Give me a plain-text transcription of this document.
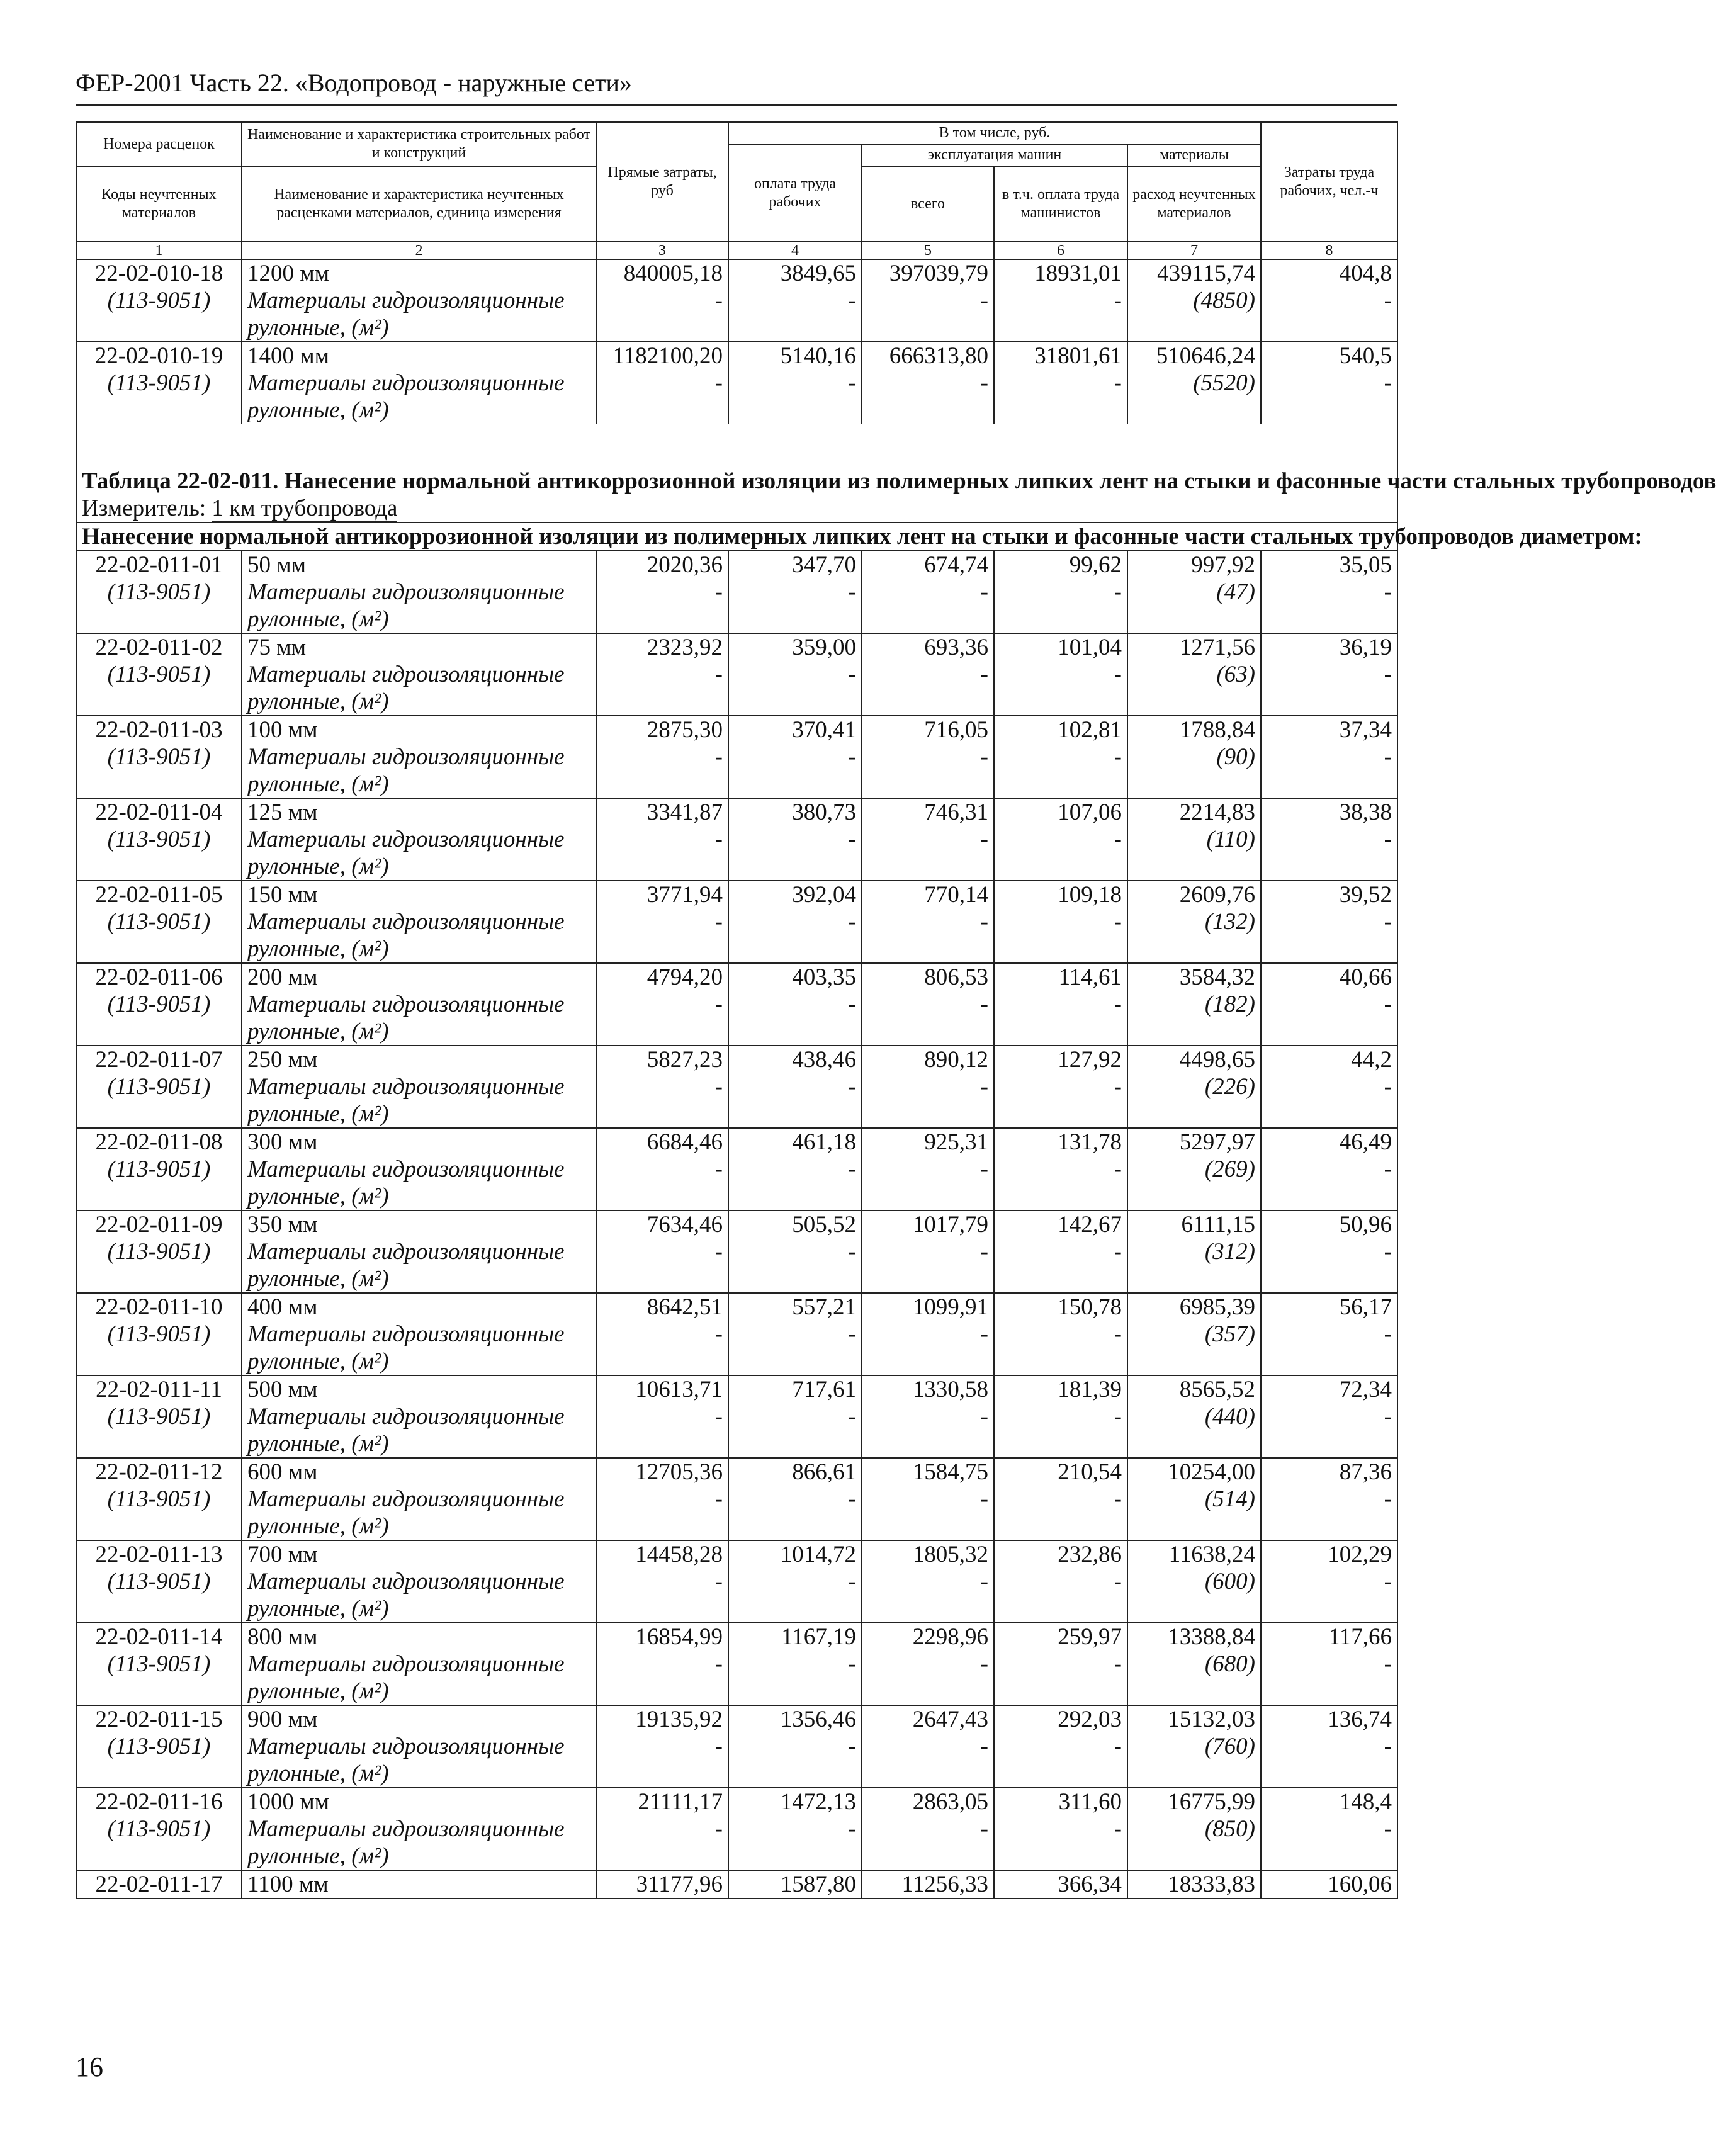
ФЕР-2001 Часть 22. «Водопровод - наружные сети»
Номера расценок	Наименование и характеристика строительных работ и конструкций	Прямые затраты, руб	В том числе, руб.				Затраты труда рабочих, чел.-ч
			оплата труда рабочих	эксплуатация машин		материалы	
Коды неучтенных материалов	Наименование и характеристика неучтенных расценками материалов, единица измерения			всего	в т.ч. оплата труда машинистов	расход неучтенных материалов	

1	2	3	4	5	6	7	8
22-02-010-18	1200 мм	840005,18	3849,65	397039,79	18931,01	439115,74	404,8
(113-9051)	Материалы гидроизоляционные	-	-	-	-	(4850)	-
	рулонные, (м²)						
22-02-010-19	1400 мм	1182100,20	5140,16	666313,80	31801,61	510646,24	540,5
(113-9051)	Материалы гидроизоляционные	-	-	-	-	(5520)	-
	рулонные, (м²)						

Таблица 22-02-011. Нанесение нормальной антикоррозионной изоляции из полимерных липких лент на стыки и фасонные части стальных трубопроводов							
Измеритель: 1 км трубопровода							
Нанесение нормальной антикоррозионной изоляции из полимерных липких лент на стыки и фасонные части стальных трубопроводов диаметром:							
22-02-011-01	50 мм	2020,36	347,70	674,74	99,62	997,92	35,05
(113-9051)	Материалы гидроизоляционные	-	-	-	-	(47)	-
	рулонные, (м²)						
22-02-011-02	75 мм	2323,92	359,00	693,36	101,04	1271,56	36,19
(113-9051)	Материалы гидроизоляционные	-	-	-	-	(63)	-
	рулонные, (м²)						
22-02-011-03	100 мм	2875,30	370,41	716,05	102,81	1788,84	37,34
(113-9051)	Материалы гидроизоляционные	-	-	-	-	(90)	-
	рулонные, (м²)						
22-02-011-04	125 мм	3341,87	380,73	746,31	107,06	2214,83	38,38
(113-9051)	Материалы гидроизоляционные	-	-	-	-	(110)	-
	рулонные, (м²)						
22-02-011-05	150 мм	3771,94	392,04	770,14	109,18	2609,76	39,52
(113-9051)	Материалы гидроизоляционные	-	-	-	-	(132)	-
	рулонные, (м²)						
22-02-011-06	200 мм	4794,20	403,35	806,53	114,61	3584,32	40,66
(113-9051)	Материалы гидроизоляционные	-	-	-	-	(182)	-
	рулонные, (м²)						
22-02-011-07	250 мм	5827,23	438,46	890,12	127,92	4498,65	44,2
(113-9051)	Материалы гидроизоляционные	-	-	-	-	(226)	-
	рулонные, (м²)						
22-02-011-08	300 мм	6684,46	461,18	925,31	131,78	5297,97	46,49
(113-9051)	Материалы гидроизоляционные	-	-	-	-	(269)	-
	рулонные, (м²)						
22-02-011-09	350 мм	7634,46	505,52	1017,79	142,67	6111,15	50,96
(113-9051)	Материалы гидроизоляционные	-	-	-	-	(312)	-
	рулонные, (м²)						
22-02-011-10	400 мм	8642,51	557,21	1099,91	150,78	6985,39	56,17
(113-9051)	Материалы гидроизоляционные	-	-	-	-	(357)	-
	рулонные, (м²)						
22-02-011-11	500 мм	10613,71	717,61	1330,58	181,39	8565,52	72,34
(113-9051)	Материалы гидроизоляционные	-	-	-	-	(440)	-
	рулонные, (м²)						
22-02-011-12	600 мм	12705,36	866,61	1584,75	210,54	10254,00	87,36
(113-9051)	Материалы гидроизоляционные	-	-	-	-	(514)	-
	рулонные, (м²)						
22-02-011-13	700 мм	14458,28	1014,72	1805,32	232,86	11638,24	102,29
(113-9051)	Материалы гидроизоляционные	-	-	-	-	(600)	-
	рулонные, (м²)						
22-02-011-14	800 мм	16854,99	1167,19	2298,96	259,97	13388,84	117,66
(113-9051)	Материалы гидроизоляционные	-	-	-	-	(680)	-
	рулонные, (м²)						
22-02-011-15	900 мм	19135,92	1356,46	2647,43	292,03	15132,03	136,74
(113-9051)	Материалы гидроизоляционные	-	-	-	-	(760)	-
	рулонные, (м²)						
22-02-011-16	1000 мм	21111,17	1472,13	2863,05	311,60	16775,99	148,4
(113-9051)	Материалы гидроизоляционные	-	-	-	-	(850)	-
	рулонные, (м²)						
22-02-011-17	1100 мм	31177,96	1587,80	11256,33	366,34	18333,83	160,06
16
